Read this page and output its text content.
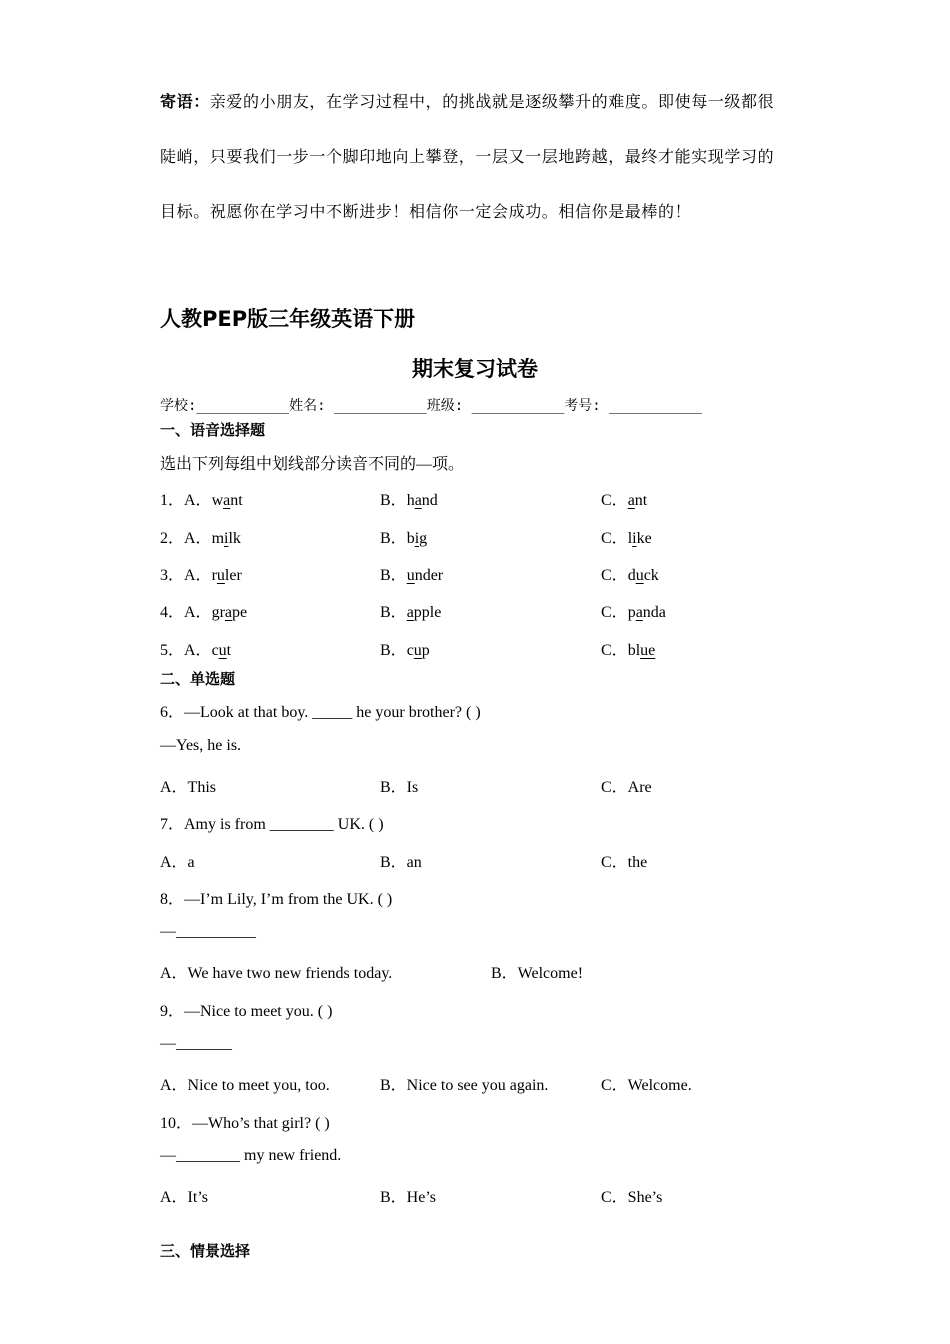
寄语：亲爱的小朋友，在学习过程中，的挑战就是逐级攀升的难度。即使每一级都很
陡峭，只要我们一步一个脚印地向上攀登，一层又一层地跨越，最终才能实现学习的
目标。祝愿你在学习中不断进步！相信你一定会成功。相信你是最棒的！
人教PEP版三年级英语下册
期末复习试卷
学校:___________姓名: ___________班级: ___________考号: ___________
一、语音选择题
选出下列每组中划线部分读音不同的—项。
1．A．want	B．hand	C．ant
2．A．milk	B．big	C．like
3．A．ruler	B．under	C．duck
4．A．grape	B．apple	C．panda
5．A．cut	B．cup	C．blue
二、单选题
6．—Look at that boy. _____ he your brother? ( )
—Yes, he is.
A．This	B．Is	C．Are
7．Amy is from ________ UK. ( )
A．a	B．an	C．the
8．—I’m Lily, I’m from the UK. ( )
—__________
A．We have two new friends today.	B．Welcome!
9．—Nice to meet you. ( )
—_______
A．Nice to meet you, too.	B．Nice to see you again.	C．Welcome.
10．—Who’s that girl? ( )
—________ my new friend.
A．It’s	B．He’s	C．She’s
三、情景选择
